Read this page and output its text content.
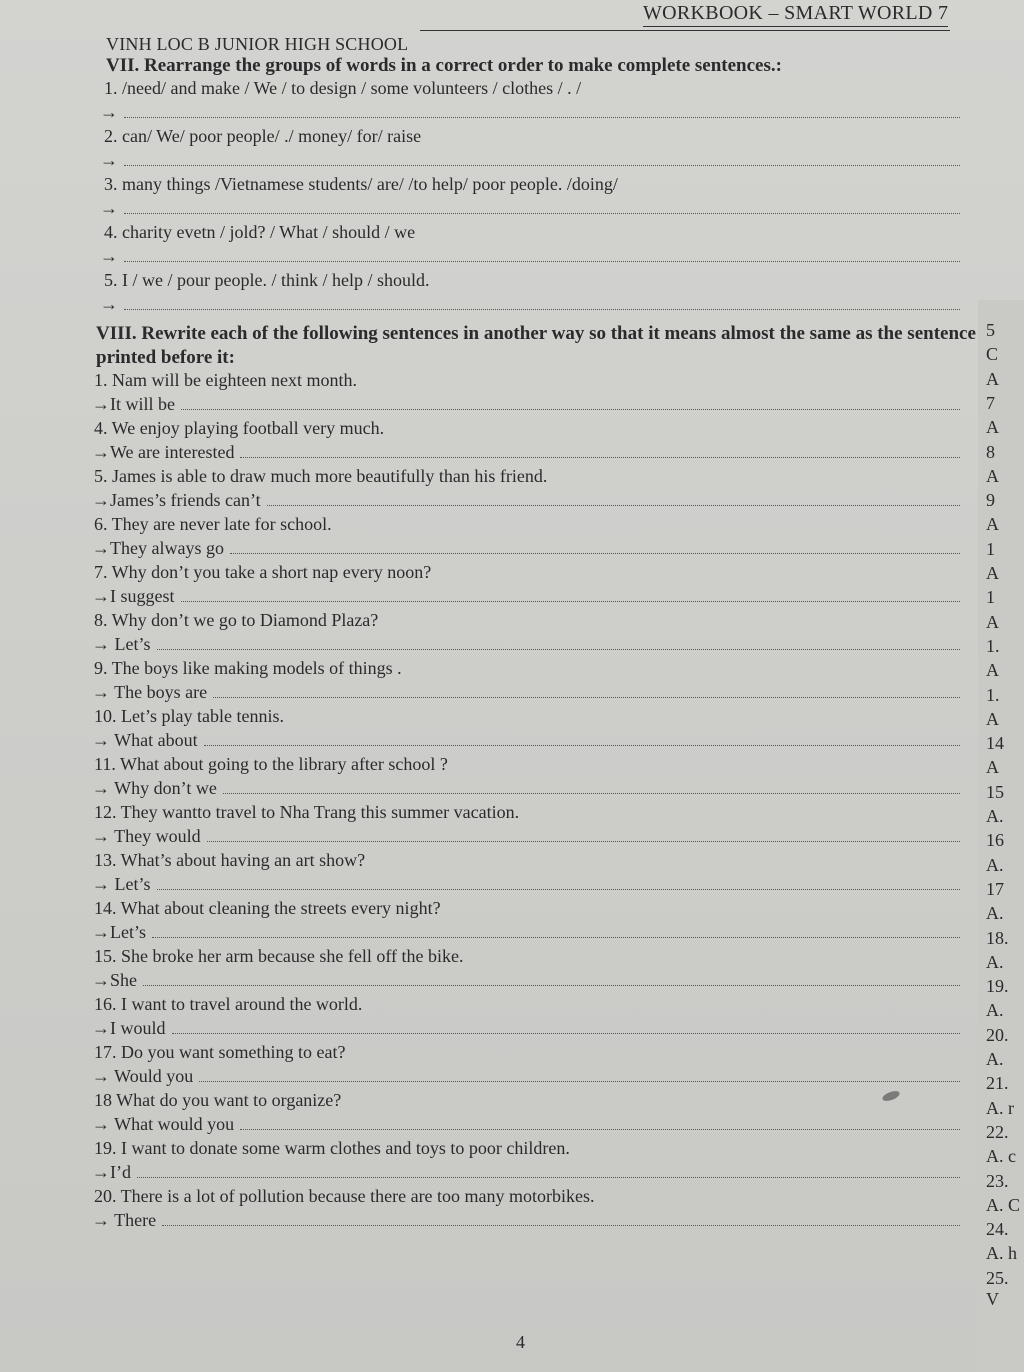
WORKBOOK – SMART WORLD 7
VINH LOC B JUNIOR HIGH SCHOOL
VII. Rearrange the groups of words in a correct order to make complete sentences.:
1. /need/ and make / We / to design / some volunteers / clothes / . /
→
2. can/ We/ poor people/ ./ money/ for/ raise
→
3. many things /Vietnamese students/ are/ /to help/ poor people. /doing/
→
4. charity evetn / jold? / What / should / we
→
5. I / we / pour people. / think / help / should.
→
VIII. Rewrite each of the following sentences in another way so that it means almost the same as the sentence printed before it:
1. Nam will be eighteen next month.
→It will be
4. We enjoy playing football very much.
→We are interested
5. James is able to draw much more beautifully than his friend.
→James’s friends can’t
6. They are never late for school.
→They always go
7. Why don’t you take a short nap every noon?
→I suggest
8. Why don’t we go to Diamond Plaza?
→ Let’s
9. The boys like making models of things .
→ The boys are
10. Let’s play table tennis.
→ What about
11. What about going to the library after school ?
→ Why don’t we
12. They wantto travel to Nha Trang this summer vacation.
→ They would
13. What’s about having an art show?
→ Let’s
14. What about cleaning the streets every night?
→Let’s
15. She broke her arm because she fell off the bike.
→She
16. I want to travel around the world.
→I would
17. Do you want something to eat?
→ Would you
18 What do you want to organize?
→ What would you
19. I want to donate some warm clothes and toys to poor children.
→I’d
20. There is a lot of pollution because there are too many motorbikes.
→ There
5
C
A
7
A
8
A
9
A
1
A
1
A
1.
A
1.
A
14
A
15
A.
16
A.
17
A.
18.
A.
19.
A.
20.
A.
21.
A. r
22.
A. c
23.
A. C
24.
A. h
25. V
4
